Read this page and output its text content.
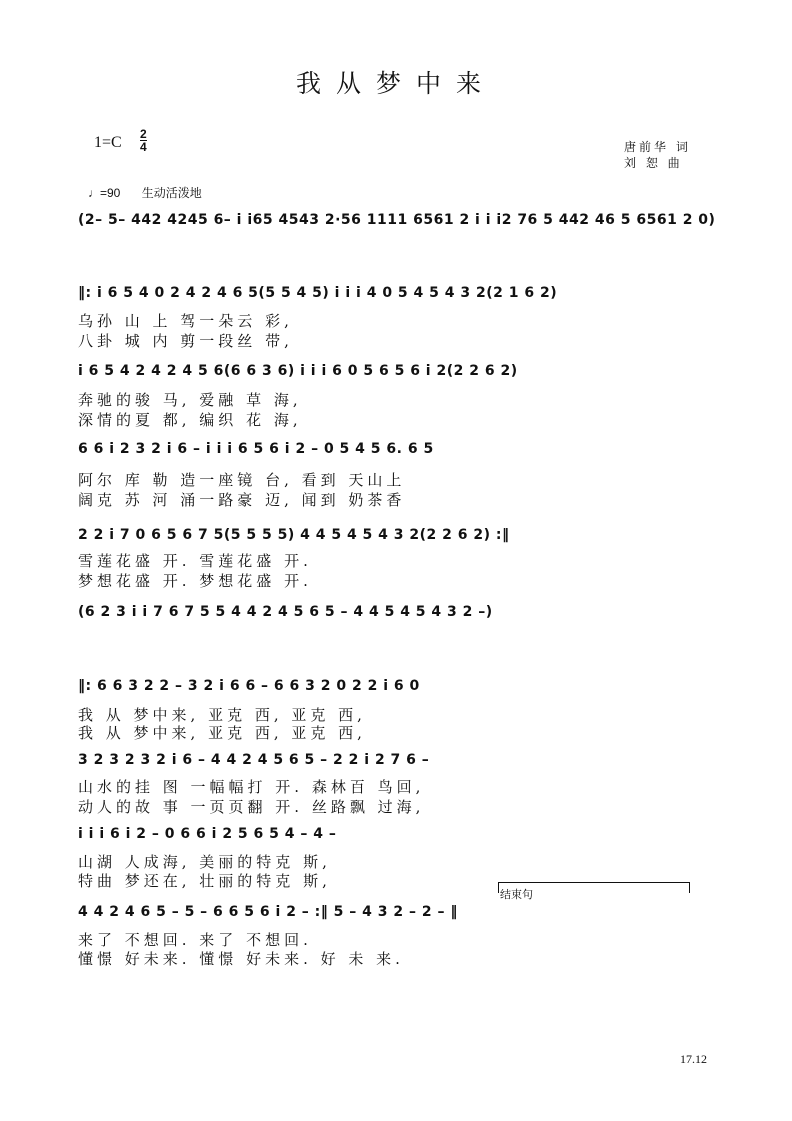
我从梦中来
1=C 2
4	唐前华 词
刘 恕 曲
♩=90 生动活泼地
(2– 5– 442 4245 6– i i65 4543 2·56 1111 6561 2 i i i2 76 5 442 46 5 6561 2 0)
‖: i 6 5 4 0 2 4 2 4 6 5(5 5 4 5) i i i 4 0 5 4 5 4 3 2(2 1 6 2)
i 6 5 4 2 4 2 4 5 6(6 6 3 6) i i i 6 0 5 6 5 6 i 2(2 2 6 2)
6 6 i 2 3 2 i 6 – i i i 6 5 6 i 2 – 0 5 4 5 6. 6 5
2 2 i 7 0 6 5 6 7 5(5 5 5 5) 4 4 5 4 5 4 3 2(2 2 6 2) :‖
(6 2 3 i i 7 6 7 5 5 4 4 2 4 5 6 5 – 4 4 5 4 5 4 3 2 –)
‖: 6 6 3 2 2 – 3 2 i 6 6 – 6 6 3 2 0 2 2 i 6 0
3 2 3 2 3 2 i 6 – 4 4 2 4 5 6 5 – 2 2 i 2 7 6 –
i i i 6 i 2 – 0 6 6 i 2 5 6 5 4 – 4 –
4 4 2 4 6 5 – 5 – 6 6 5 6 i 2 – :‖ 5 – 4 3 2 – 2 – ‖
乌孙 山 上 驾一朵云 彩,
八卦 城 内 剪一段丝 带,
奔驰的骏 马, 爱融 草 海,
深情的夏 都, 编织 花 海,
阿尔 库 勒 造一座镜 台, 看到 天山上
阔克 苏 河 涌一路豪 迈, 闻到 奶茶香
雪莲花盛 开. 雪莲花盛 开.
梦想花盛 开. 梦想花盛 开.
我 从 梦中来, 亚克 西, 亚克 西,
我 从 梦中来, 亚克 西, 亚克 西,
山水的挂 图 一幅幅打 开. 森林百 鸟回,
动人的故 事 一页页翻 开. 丝路飘 过海,
山湖 人成海, 美丽的特克 斯,
特曲 梦还在, 壮丽的特克 斯,
来了 不想回. 来了 不想回.
懂憬 好未来. 懂憬 好未来. 好 未 来.
结束句
17.12
